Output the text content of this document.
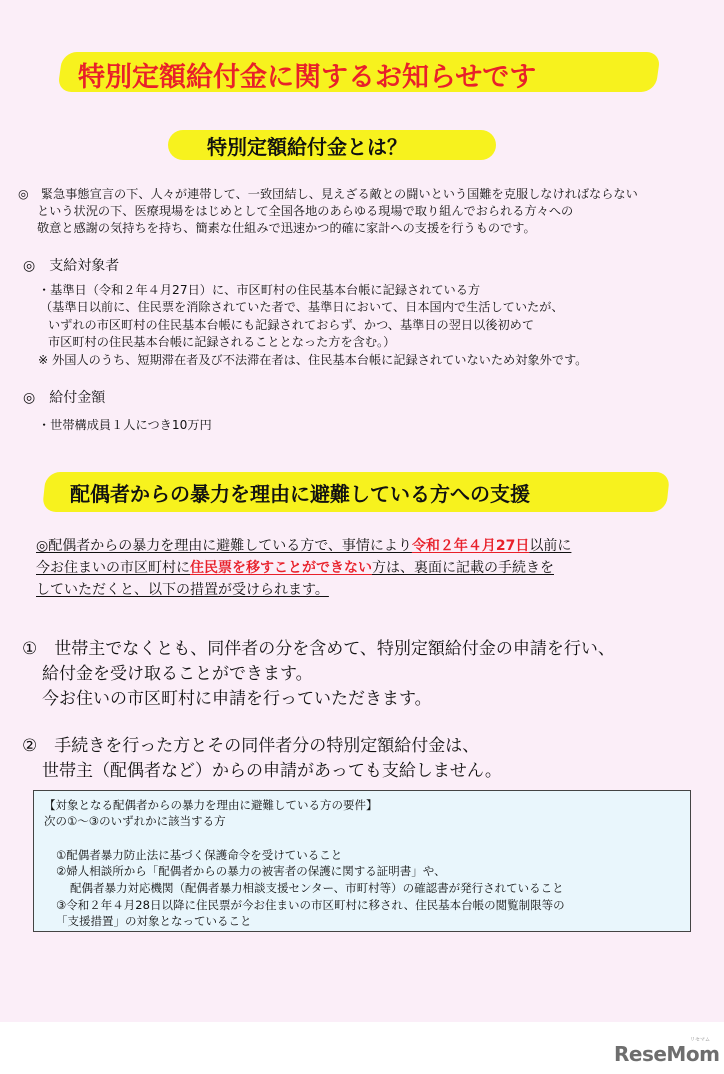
特別定額給付金に関するお知らせです
特別定額給付金とは？
◎　緊急事態宣言の下、人々が連帯して、一致団結し、見えざる敵との闘いという国難を克服しなければならない
という状況の下、医療現場をはじめとして全国各地のあらゆる現場で取り組んでおられる方々への
敬意と感謝の気持ちを持ち、簡素な仕組みで迅速かつ的確に家計への支援を行うものです。
◎　支給対象者
・基準日（令和２年４月27日）に、市区町村の住民基本台帳に記録されている方
（基準日以前に、住民票を消除されていた者で、基準日において、日本国内で生活していたが、
いずれの市区町村の住民基本台帳にも記録されておらず、かつ、基準日の翌日以後初めて
市区町村の住民基本台帳に記録されることとなった方を含む。）
※ 外国人のうち、短期滞在者及び不法滞在者は、住民基本台帳に記録されていないため対象外です。
◎　給付金額
・世帯構成員１人につき10万円
配偶者からの暴力を理由に避難している方への支援
◎配偶者からの暴力を理由に避難している方で、事情により令和２年４月27日以前に
今お住まいの市区町村に住民票を移すことができない方は、裏面に記載の手続きを
していただくと、以下の措置が受けられます。
①　世帯主でなくとも、同伴者の分を含めて、特別定額給付金の申請を行い、
給付金を受け取ることができます。
今お住いの市区町村に申請を行っていただきます。
②　手続きを行った方とその同伴者分の特別定額給付金は、
世帯主（配偶者など）からの申請があっても支給しません。
【対象となる配偶者からの暴力を理由に避難している方の要件】
次の①～③のいずれかに該当する方
①配偶者暴力防止法に基づく保護命令を受けていること
②婦人相談所から「配偶者からの暴力の被害者の保護に関する証明書」や、
配偶者暴力対応機関（配偶者暴力相談支援センター、市町村等）の確認書が発行されていること
③令和２年４月28日以降に住民票が今お住まいの市区町村に移され、住民基本台帳の閲覧制限等の
「支援措置」の対象となっていること
リセマム
ReseMom
